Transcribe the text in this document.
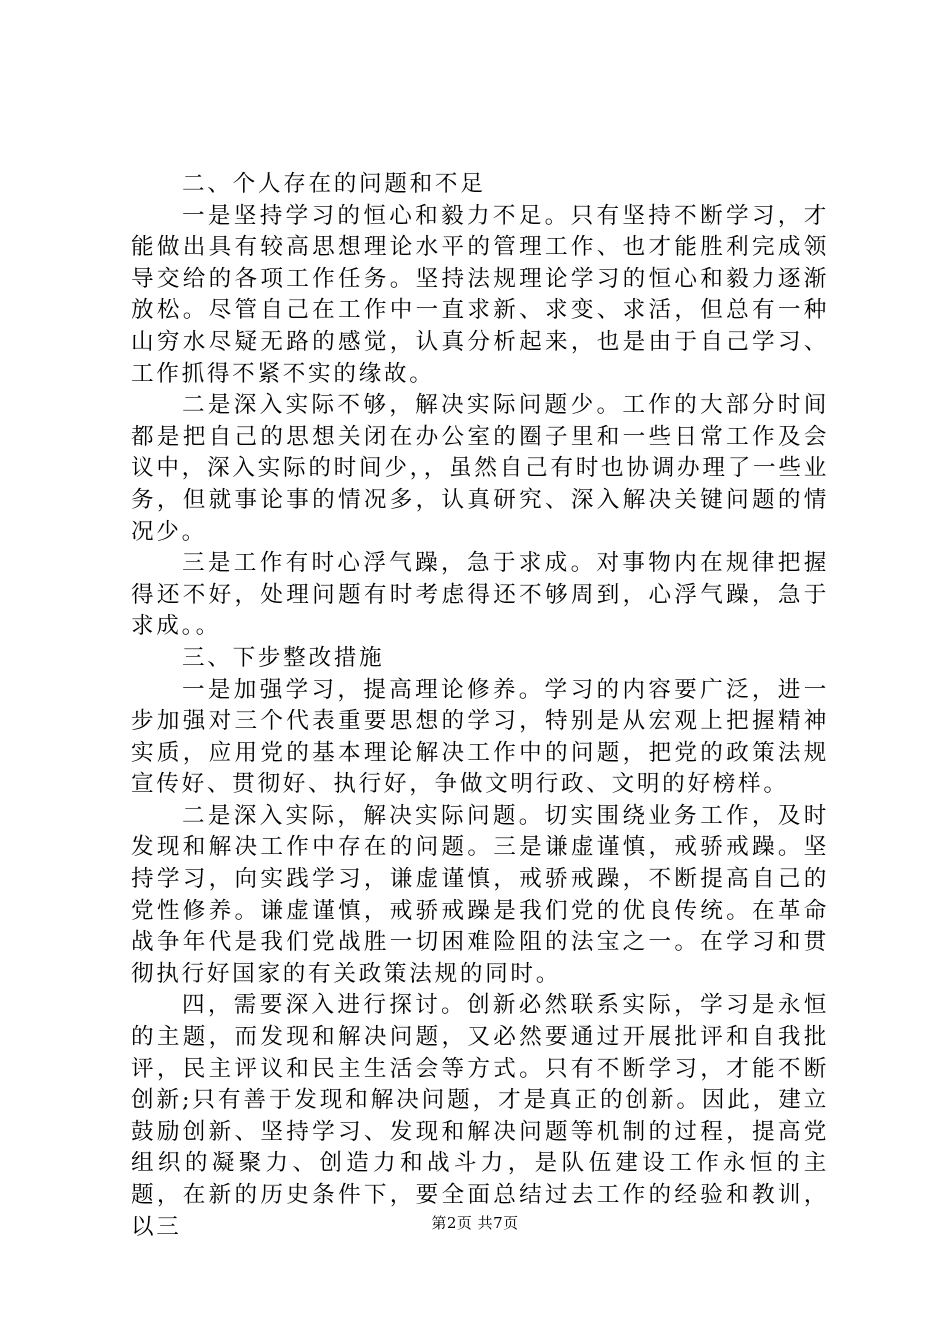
二、个人存在的问题和不足

一是坚持学习的恒心和毅力不足。只有坚持不断学习，才能做出具有较高思想理论水平的管理工作、也才能胜利完成领导交给的各项工作任务。坚持法规理论学习的恒心和毅力逐渐放松。尽管自己在工作中一直求新、求变、求活，但总有一种山穷水尽疑无路的感觉，认真分析起来，也是由于自己学习、工作抓得不紧不实的缘故。

二是深入实际不够，解决实际问题少。工作的大部分时间都是把自己的思想关闭在办公室的圈子里和一些日常工作及会议中，深入实际的时间少，，虽然自己有时也协调办理了一些业务，但就事论事的情况多，认真研究、深入解决关键问题的情况少。

三是工作有时心浮气躁，急于求成。对事物内在规律把握得还不好，处理问题有时考虑得还不够周到，心浮气躁，急于求成。。

三、下步整改措施

一是加强学习，提高理论修养。学习的内容要广泛，进一步加强对三个代表重要思想的学习，特别是从宏观上把握精神实质，应用党的基本理论解决工作中的问题，把党的政策法规宣传好、贯彻好、执行好，争做文明行政、文明的好榜样。

二是深入实际，解决实际问题。切实围绕业务工作，及时发现和解决工作中存在的问题。三是谦虚谨慎，戒骄戒躁。坚持学习，向实践学习，谦虚谨慎，戒骄戒躁，不断提高自己的党性修养。谦虚谨慎，戒骄戒躁是我们党的优良传统。在革命战争年代是我们党战胜一切困难险阻的法宝之一。在学习和贯彻执行好国家的有关政策法规的同时。

四，需要深入进行探讨。创新必然联系实际，学习是永恒的主题，而发现和解决问题，又必然要通过开展批评和自我批评，民主评议和民主生活会等方式。只有不断学习，才能不断创新;只有善于发现和解决问题，才是真正的创新。因此，建立鼓励创新、坚持学习、发现和解决问题等机制的过程，提高党组织的凝聚力、创造力和战斗力，是队伍建设工作永恒的主题，在新的历史条件下，要全面总结过去工作的经验和教训，以三	第2页 共7页
